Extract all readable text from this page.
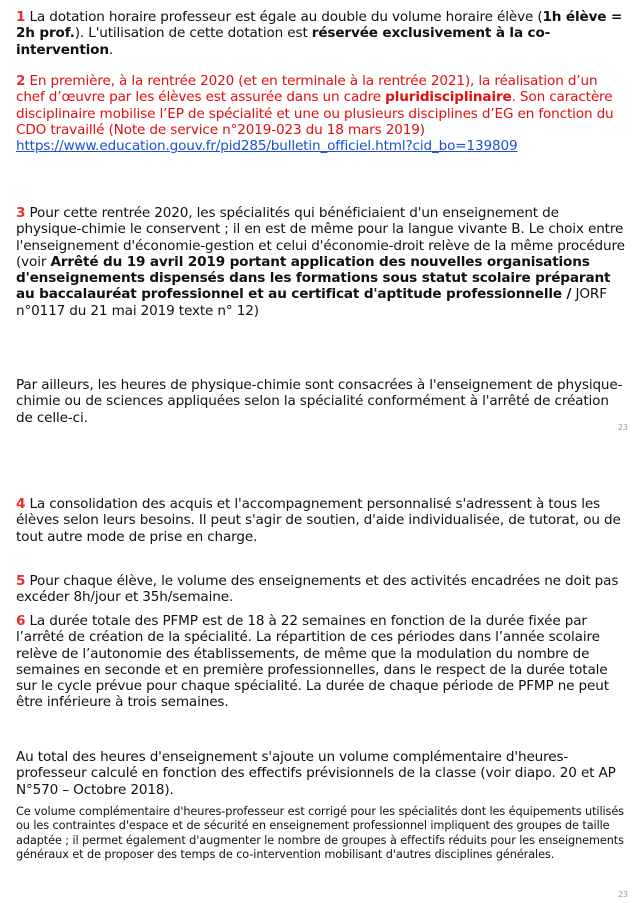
1 La dotation horaire professeur est égale au double du volume horaire élève (1h élève = 2h prof.). L'utilisation de cette dotation est réservée exclusivement à la co-intervention.

2 En première, à la rentrée 2020 (et en terminale à la rentrée 2021), la réalisation d’un chef d’œuvre par les élèves est assurée dans un cadre pluridisciplinaire. Son caractère disciplinaire mobilise l’EP de spécialité et une ou plusieurs disciplines d’EG en fonction du CDO travaillé (Note de service n°2019-023 du 18 mars 2019)

https://www.education.gouv.fr/pid285/bulletin_officiel.html?cid_bo=139809

3 Pour cette rentrée 2020, les spécialités qui bénéficiaient d'un enseignement de physique-chimie le conservent ; il en est de même pour la langue vivante B. Le choix entre l'enseignement d'économie-gestion et celui d'économie-droit relève de la même procédure (voir Arrêté du 19 avril 2019 portant application des nouvelles organisations d'enseignements dispensés dans les formations sous statut scolaire préparant au baccalauréat professionnel et au certificat d'aptitude professionnelle / JORF n°0117 du 21 mai 2019 texte n° 12)

Par ailleurs, les heures de physique-chimie sont consacrées à l'enseignement de physique-chimie ou de sciences appliquées selon la spécialité conformément à l'arrêté de création de celle-ci.

23

4 La consolidation des acquis et l'accompagnement personnalisé s'adressent à tous les élèves selon leurs besoins. Il peut s'agir de soutien, d'aide individualisée, de tutorat, ou de tout autre mode de prise en charge.

5 Pour chaque élève, le volume des enseignements et des activités encadrées ne doit pas excéder 8h/jour et 35h/semaine.

6 La durée totale des PFMP est de 18 à 22 semaines en fonction de la durée fixée par l’arrêté de création de la spécialité. La répartition de ces périodes dans l’année scolaire relève de l’autonomie des établissements, de même que la modulation du nombre de semaines en seconde et en première professionnelles, dans le respect de la durée totale sur le cycle prévue pour chaque spécialité. La durée de chaque période de PFMP ne peut être inférieure à trois semaines.

Au total des heures d'enseignement s'ajoute un volume complémentaire d'heures-professeur calculé en fonction des effectifs prévisionnels de la classe (voir diapo. 20 et AP N°570 – Octobre 2018).

Ce volume complémentaire d'heures-professeur est corrigé pour les spécialités dont les équipements utilisés ou les contraintes d'espace et de sécurité en enseignement professionnel impliquent des groupes de taille adaptée ; il permet également d'augmenter le nombre de groupes à effectifs réduits pour les enseignements généraux et de proposer des temps de co-intervention mobilisant d'autres disciplines générales.

23
